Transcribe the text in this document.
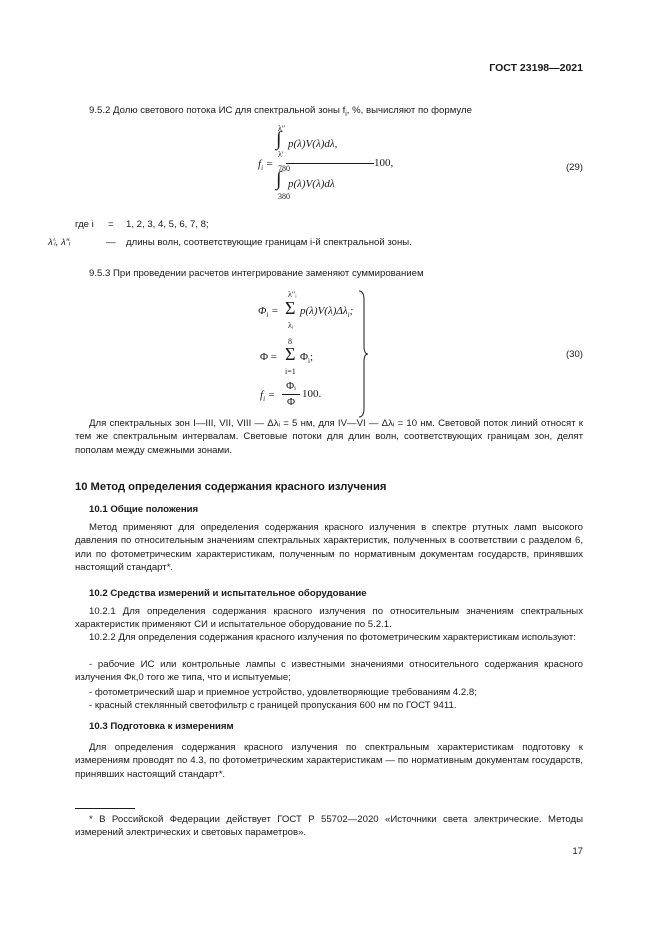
ГОСТ 23198—2021

9.5.2 Долю светового потока ИС для спектральной зоны $f_i$, %, вычисляют по формуле

$f_i$ =
λ″
∫
λ′
p(λ)V(λ)dλ,
100,
780
∫
380
p(λ)V(λ)dλ
(29)
где i = 1, 2, 3, 4, 5, 6, 7, 8;
λ′ᵢ, λ″ᵢ	— длины волн, соответствующие границам i-й спектральной зоны.

9.5.3 При проведении расчетов интегрирование заменяют суммированием

$\Phi_i$ =
λ″ᵢ
Σ
λᵢ
$p(\lambda)V(\lambda)\Delta\lambda_i$;
Φ =
8
Σ
i=1
$\Phi_i$;
$f_i$ =
Φᵢ
Φ
100.
(30)

Для спектральных зон I—III, VII, VIII — Δλᵢ = 5 нм, для IV—VI — Δλᵢ = 10 нм. Световой поток линий относят к тем же спектральным интервалам. Световые потоки для длин волн, соответствующих границам зон, делят пополам между смежными зонами.

10 Метод определения содержания красного излучения
10.1 Общие положения

Метод применяют для определения содержания красного излучения в спектре ртутных ламп высокого давления по относительным значениям спектральных характеристик, полученных в соответствии с разделом 6, или по фотометрическим характеристикам, полученным по нормативным документам государств, принявших настоящий стандарт*.

10.2 Средства измерений и испытательное оборудование

10.2.1 Для определения содержания красного излучения по относительным значениям спектральных характеристик применяют СИ и испытательное оборудование по 5.2.1.

10.2.2 Для определения содержания красного излучения по фотометрическим характеристикам используют:

- рабочие ИС или контрольные лампы с известными значениями относительного содержания красного излучения Φк,0 того же типа, что и испытуемые;

- фотометрический шар и приемное устройство, удовлетворяющие требованиям 4.2.8;

- красный стеклянный светофильтр с границей пропускания 600 нм по ГОСТ 9411.

10.3 Подготовка к измерениям

Для определения содержания красного излучения по спектральным характеристикам подготовку к измерениям проводят по 4.3, по фотометрическим характеристикам — по нормативным документам государств, принявших настоящий стандарт*.

* В Российской Федерации действует ГОСТ Р 55702—2020 «Источники света электрические. Методы измерений электрических и световых параметров».

17
